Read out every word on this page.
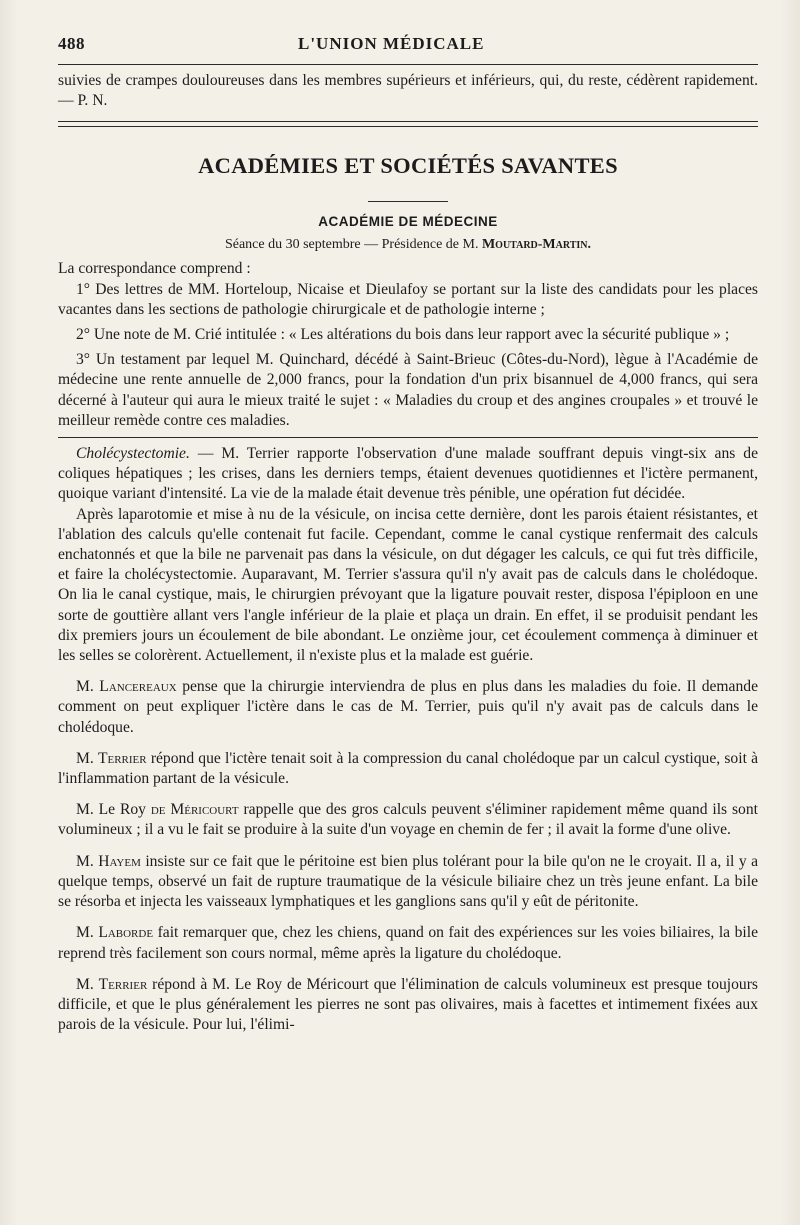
488	L'UNION MÉDICALE

suivies de crampes douloureuses dans les membres supérieurs et inférieurs, qui, du reste, cédèrent rapidement. — P. N.

ACADÉMIES ET SOCIÉTÉS SAVANTES
ACADÉMIE DE MÉDECINE
Séance du 30 septembre — Présidence de M. Moutard-Martin.

La correspondance comprend :

1° Des lettres de MM. Horteloup, Nicaise et Dieulafoy se portant sur la liste des candidats pour les places vacantes dans les sections de pathologie chirurgicale et de pathologie interne ;

2° Une note de M. Crié intitulée : « Les altérations du bois dans leur rapport avec la sécurité publique » ;

3° Un testament par lequel M. Quinchard, décédé à Saint-Brieuc (Côtes-du-Nord), lègue à l'Académie de médecine une rente annuelle de 2,000 francs, pour la fondation d'un prix bisannuel de 4,000 francs, qui sera décerné à l'auteur qui aura le mieux traité le sujet : « Maladies du croup et des angines croupales » et trouvé le meilleur remède contre ces maladies.

Cholécystectomie. — M. Terrier rapporte l'observation d'une malade souffrant depuis vingt-six ans de coliques hépatiques ; les crises, dans les derniers temps, étaient devenues quotidiennes et l'ictère permanent, quoique variant d'intensité. La vie de la malade était devenue très pénible, une opération fut décidée.

Après laparotomie et mise à nu de la vésicule, on incisa cette dernière, dont les parois étaient résistantes, et l'ablation des calculs qu'elle contenait fut facile. Cependant, comme le canal cystique renfermait des calculs enchatonnés et que la bile ne parvenait pas dans la vésicule, on dut dégager les calculs, ce qui fut très difficile, et faire la cholécystectomie. Auparavant, M. Terrier s'assura qu'il n'y avait pas de calculs dans le cholédoque. On lia le canal cystique, mais, le chirurgien prévoyant que la ligature pouvait rester, disposa l'épiploon en une sorte de gouttière allant vers l'angle inférieur de la plaie et plaça un drain. En effet, il se produisit pendant les dix premiers jours un écoulement de bile abondant. Le onzième jour, cet écoulement commença à diminuer et les selles se colorèrent. Actuellement, il n'existe plus et la malade est guérie.

M. Lancereaux pense que la chirurgie interviendra de plus en plus dans les maladies du foie. Il demande comment on peut expliquer l'ictère dans le cas de M. Terrier, puis qu'il n'y avait pas de calculs dans le cholédoque.

M. Terrier répond que l'ictère tenait soit à la compression du canal cholédoque par un calcul cystique, soit à l'inflammation partant de la vésicule.

M. Le Roy de Méricourt rappelle que des gros calculs peuvent s'éliminer rapidement même quand ils sont volumineux ; il a vu le fait se produire à la suite d'un voyage en chemin de fer ; il avait la forme d'une olive.

M. Hayem insiste sur ce fait que le péritoine est bien plus tolérant pour la bile qu'on ne le croyait. Il a, il y a quelque temps, observé un fait de rupture traumatique de la vésicule biliaire chez un très jeune enfant. La bile se résorba et injecta les vaisseaux lymphatiques et les ganglions sans qu'il y eût de péritonite.

M. Laborde fait remarquer que, chez les chiens, quand on fait des expériences sur les voies biliaires, la bile reprend très facilement son cours normal, même après la ligature du cholédoque.

M. Terrier répond à M. Le Roy de Méricourt que l'élimination de calculs volumineux est presque toujours difficile, et que le plus généralement les pierres ne sont pas olivaires, mais à facettes et intimement fixées aux parois de la vésicule. Pour lui, l'élimi-
